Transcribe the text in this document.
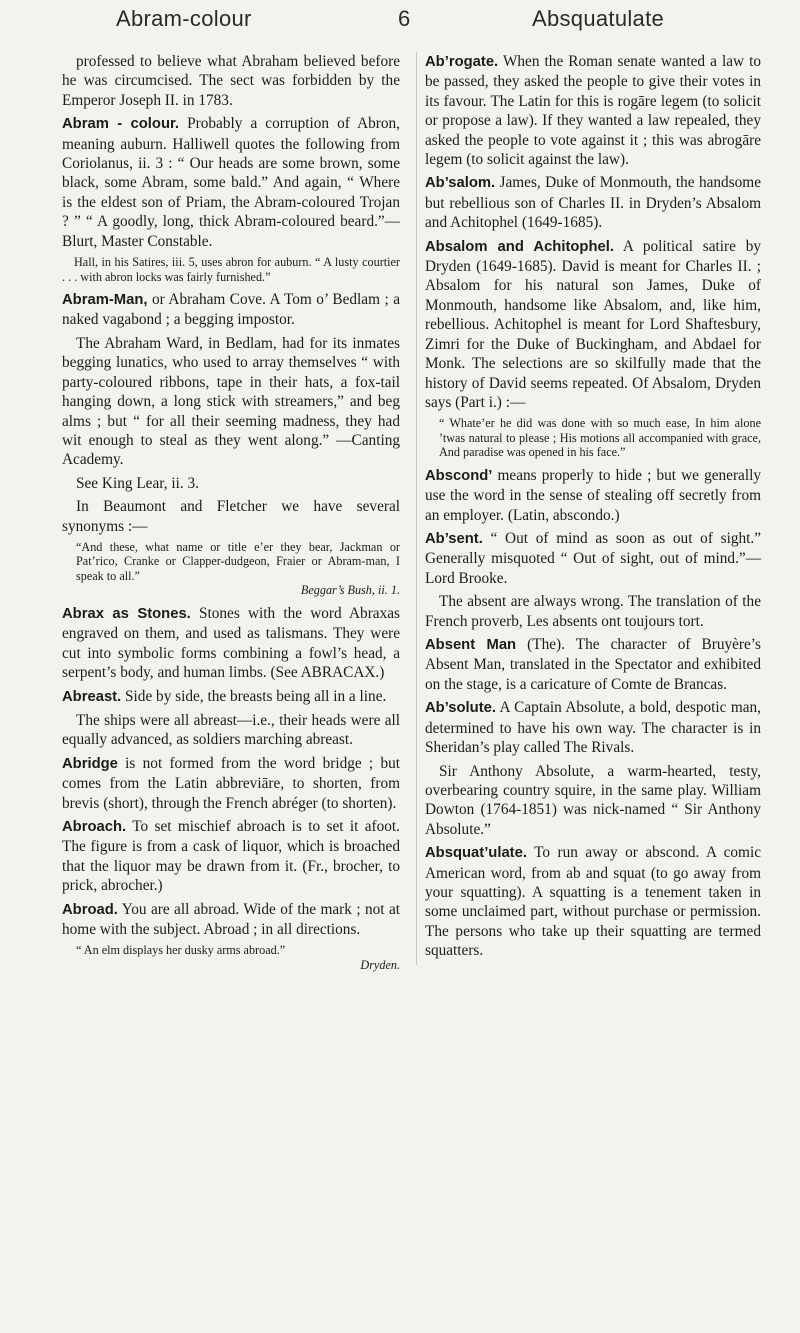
Abram-colour	6	Absquatulate

professed to believe what Abraham believed before he was circumcised. The sect was forbidden by the Emperor Joseph II. in 1783.

Abram - colour. Probably a corruption of Abron, meaning auburn. Halliwell quotes the following from Coriolanus, ii. 3 : “ Our heads are some brown, some black, some Abram, some bald.” And again, “ Where is the eldest son of Priam, the Abram-coloured Trojan ? ” “ A goodly, long, thick Abram-coloured beard.”—Blurt, Master Constable.

Hall, in his Satires, iii. 5, uses abron for auburn. “ A lusty courtier . . . with abron locks was fairly furnished.”

Abram-Man, or Abraham Cove. A Tom o’ Bedlam ; a naked vagabond ; a begging impostor.

The Abraham Ward, in Bedlam, had for its inmates begging lunatics, who used to array themselves “ with party-coloured ribbons, tape in their hats, a fox-tail hanging down, a long stick with streamers,” and beg alms ; but “ for all their seeming madness, they had wit enough to steal as they went along.” —Canting Academy.

See King Lear, ii. 3.

In Beaumont and Fletcher we have several synonyms :—

“And these, what name or title e’er they bear, Jackman or Pat’rico, Cranke or Clapper-dudgeon, Fraier or Abram-man, I speak to all.”
Beggar’s Bush, ii. 1.

Abrax as Stones. Stones with the word Abraxas engraved on them, and used as talismans. They were cut into symbolic forms combining a fowl’s head, a serpent’s body, and human limbs. (See ABRACAX.)

Abreast. Side by side, the breasts being all in a line.

The ships were all abreast—i.e., their heads were all equally advanced, as soldiers marching abreast.

Abridge is not formed from the word bridge ; but comes from the Latin abbreviāre, to shorten, from brevis (short), through the French abréger (to shorten).

Abroach. To set mischief abroach is to set it afoot. The figure is from a cask of liquor, which is broached that the liquor may be drawn from it. (Fr., brocher, to prick, abrocher.)

Abroad. You are all abroad. Wide of the mark ; not at home with the subject. Abroad ; in all directions.

“ An elm displays her dusky arms abroad.”
Dryden.

Ab’rogate. When the Roman senate wanted a law to be passed, they asked the people to give their votes in its favour. The Latin for this is rogāre legem (to solicit or propose a law). If they wanted a law repealed, they asked the people to vote against it ; this was abrogāre legem (to solicit against the law).

Ab’salom. James, Duke of Monmouth, the handsome but rebellious son of Charles II. in Dryden’s Absalom and Achitophel (1649-1685).

Absalom and Achitophel. A political satire by Dryden (1649-1685). David is meant for Charles II. ; Absalom for his natural son James, Duke of Monmouth, handsome like Absalom, and, like him, rebellious. Achitophel is meant for Lord Shaftesbury, Zimri for the Duke of Buckingham, and Abdael for Monk. The selections are so skilfully made that the history of David seems repeated. Of Absalom, Dryden says (Part i.) :—

“ Whate’er he did was done with so much ease, In him alone ’twas natural to please ; His motions all accompanied with grace, And paradise was opened in his face.”

Abscond’ means properly to hide ; but we generally use the word in the sense of stealing off secretly from an employer. (Latin, abscondo.)

Ab’sent. “ Out of mind as soon as out of sight.” Generally misquoted “ Out of sight, out of mind.”—Lord Brooke.

The absent are always wrong. The translation of the French proverb, Les absents ont toujours tort.

Absent Man (The). The character of Bruyère’s Absent Man, translated in the Spectator and exhibited on the stage, is a caricature of Comte de Brancas.

Ab’solute. A Captain Absolute, a bold, despotic man, determined to have his own way. The character is in Sheridan’s play called The Rivals.

Sir Anthony Absolute, a warm-hearted, testy, overbearing country squire, in the same play. William Dowton (1764-1851) was nick-named “ Sir Anthony Absolute.”

Absquat’ulate. To run away or abscond. A comic American word, from ab and squat (to go away from your squatting). A squatting is a tenement taken in some unclaimed part, without purchase or permission. The persons who take up their squatting are termed squatters.
